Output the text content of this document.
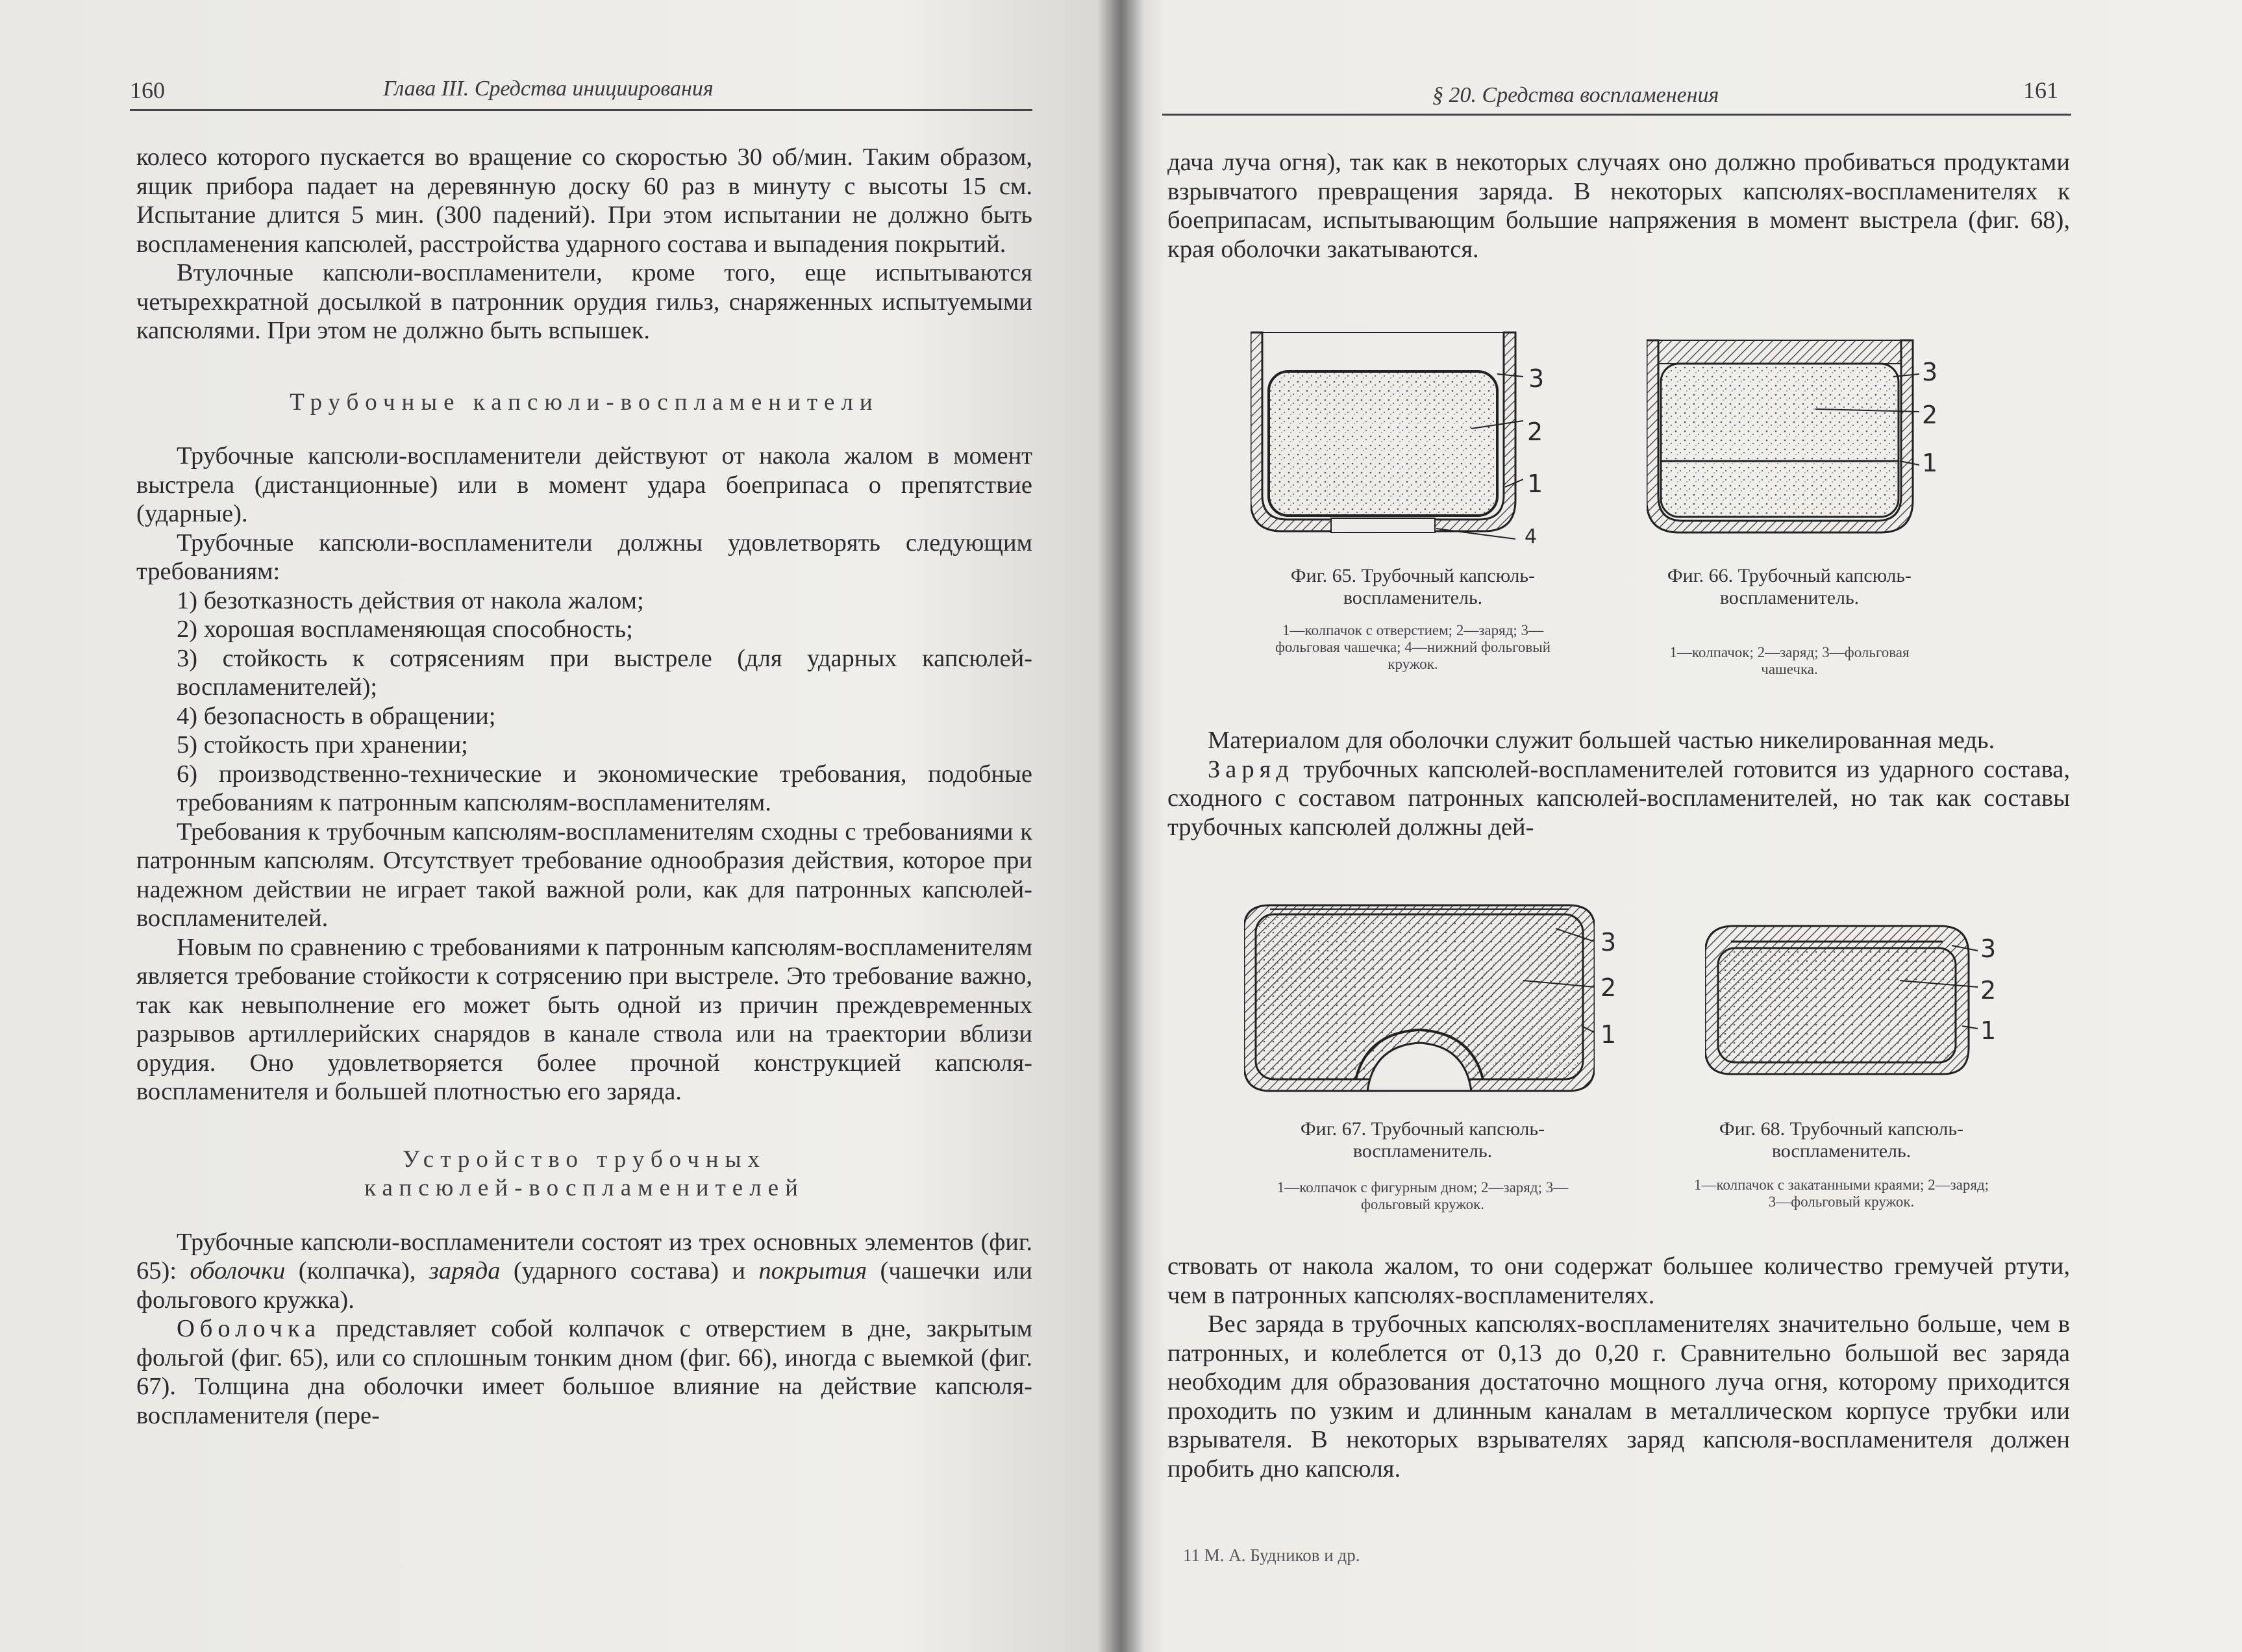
160	Глава III. Средства инициирования

колесо которого пускается во вращение со скоростью 30 об/мин. Таким образом, ящик прибора падает на деревянную доску 60 раз в минуту с высоты 15 см. Испытание длится 5 мин. (300 падений). При этом испытании не должно быть воспламенения капсюлей, расстройства ударного состава и выпадения покрытий.

Втулочные капсюли-воспламенители, кроме того, еще испытываются четырехкратной досылкой в патронник орудия гильз, снаряженных испытуемыми капсюлями. При этом не должно быть вспышек.

Трубочные капсюли-воспламенители

Трубочные капсюли-воспламенители действуют от накола жалом в момент выстрела (дистанционные) или в момент удара боеприпаса о препятствие (ударные).

Трубочные капсюли-воспламенители должны удовлетворять следующим требованиям:

1) безотказность действия от накола жалом;

2) хорошая воспламеняющая способность;

3) стойкость к сотрясениям при выстреле (для ударных капсюлей-воспламенителей);

4) безопасность в обращении;

5) стойкость при хранении;

6) производственно-технические и экономические требования, подобные требованиям к патронным капсюлям-воспламенителям.

Требования к трубочным капсюлям-воспламенителям сходны с требованиями к патронным капсюлям. Отсутствует требование однообразия действия, которое при надежном действии не играет такой важной роли, как для патронных капсюлей-воспламенителей.

Новым по сравнению с требованиями к патронным капсюлям-воспламенителям является требование стойкости к сотрясению при выстреле. Это требование важно, так как невыполнение его может быть одной из причин преждевременных разрывов артиллерийских снарядов в канале ствола или на траектории вблизи орудия. Оно удовлетворяется более прочной конструкцией капсюля-воспламенителя и большей плотностью его заряда.

Устройство трубочных

капсюлей-воспламенителей

Трубочные капсюли-воспламенители состоят из трех основных элементов (фиг. 65): оболочки (колпачка), заряда (ударного состава) и покрытия (чашечки или фольгового кружка).

Оболочка представляет собой колпачок с отверстием в дне, закрытым фольгой (фиг. 65), или со сплошным тонким дном (фиг. 66), иногда с выемкой (фиг. 67). Толщина дна оболочки имеет большое влияние на действие капсюля-воспламенителя (пере-

§ 20. Средства воспламенения	161

дача луча огня), так как в некоторых случаях оно должно пробиваться продуктами взрывчатого превращения заряда. В некоторых капсюлях-воспламенителях к боеприпасам, испытывающим большие напряжения в момент выстрела (фиг. 68), края оболочки закатываются.

3
2
1
4
Фиг. 65. Трубочный капсюль-воспламенитель.
1—колпачок с отверстием; 2—заряд; 3—фольговая чашечка; 4—нижний фольговый кружок.
3
2
1
Фиг. 66. Трубочный капсюль-воспламенитель.
1—колпачок; 2—заряд; 3—фольговая чашечка.

Материалом для оболочки служит большей частью никелированная медь.

Заряд трубочных капсюлей-воспламенителей готовится из ударного состава, сходного с составом патронных капсюлей-воспламенителей, но так как составы трубочных капсюлей должны дей-

3
2
1
Фиг. 67. Трубочный капсюль-воспламенитель.
1—колпачок с фигурным дном; 2—заряд; 3—фольговый кружок.
3
2
1
Фиг. 68. Трубочный капсюль-воспламенитель.
1—колпачок с закатанными краями; 2—заряд; 3—фольговый кружок.

ствовать от накола жалом, то они содержат большее количество гремучей ртути, чем в патронных капсюлях-воспламенителях.

Вес заряда в трубочных капсюлях-воспламенителях значительно больше, чем в патронных, и колеблется от 0,13 до 0,20 г. Сравнительно большой вес заряда необходим для образования достаточно мощного луча огня, которому приходится проходить по узким и длинным каналам в металлическом корпусе трубки или взрывателя. В некоторых взрывателях заряд капсюля-воспламенителя должен пробить дно капсюля.

11 М. А. Будников и др.
